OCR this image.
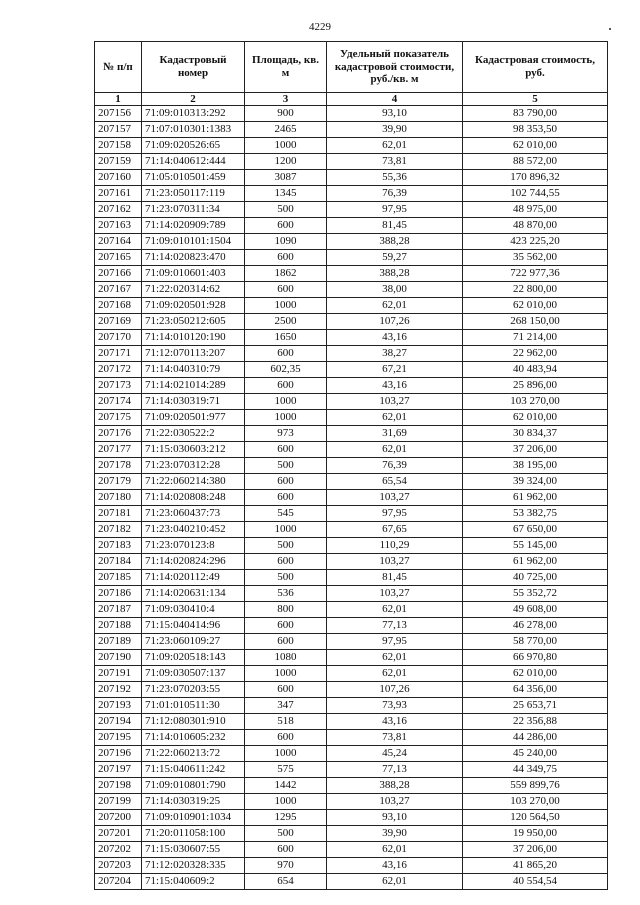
4229
№ п/п	Кадастровый номер	Площадь, кв. м	Удельный показатель кадастровой стоимости, руб./кв. м	Кадастровая стоимость, руб.
1	2	3	4	5
207156	71:09:010313:292	900	93,10	83 790,00
207157	71:07:010301:1383	2465	39,90	98 353,50
207158	71:09:020526:65	1000	62,01	62 010,00
207159	71:14:040612:444	1200	73,81	88 572,00
207160	71:05:010501:459	3087	55,36	170 896,32
207161	71:23:050117:119	1345	76,39	102 744,55
207162	71:23:070311:34	500	97,95	48 975,00
207163	71:14:020909:789	600	81,45	48 870,00
207164	71:09:010101:1504	1090	388,28	423 225,20
207165	71:14:020823:470	600	59,27	35 562,00
207166	71:09:010601:403	1862	388,28	722 977,36
207167	71:22:020314:62	600	38,00	22 800,00
207168	71:09:020501:928	1000	62,01	62 010,00
207169	71:23:050212:605	2500	107,26	268 150,00
207170	71:14:010120:190	1650	43,16	71 214,00
207171	71:12:070113:207	600	38,27	22 962,00
207172	71:14:040310:79	602,35	67,21	40 483,94
207173	71:14:021014:289	600	43,16	25 896,00
207174	71:14:030319:71	1000	103,27	103 270,00
207175	71:09:020501:977	1000	62,01	62 010,00
207176	71:22:030522:2	973	31,69	30 834,37
207177	71:15:030603:212	600	62,01	37 206,00
207178	71:23:070312:28	500	76,39	38 195,00
207179	71:22:060214:380	600	65,54	39 324,00
207180	71:14:020808:248	600	103,27	61 962,00
207181	71:23:060437:73	545	97,95	53 382,75
207182	71:23:040210:452	1000	67,65	67 650,00
207183	71:23:070123:8	500	110,29	55 145,00
207184	71:14:020824:296	600	103,27	61 962,00
207185	71:14:020112:49	500	81,45	40 725,00
207186	71:14:020631:134	536	103,27	55 352,72
207187	71:09:030410:4	800	62,01	49 608,00
207188	71:15:040414:96	600	77,13	46 278,00
207189	71:23:060109:27	600	97,95	58 770,00
207190	71:09:020518:143	1080	62,01	66 970,80
207191	71:09:030507:137	1000	62,01	62 010,00
207192	71:23:070203:55	600	107,26	64 356,00
207193	71:01:010511:30	347	73,93	25 653,71
207194	71:12:080301:910	518	43,16	22 356,88
207195	71:14:010605:232	600	73,81	44 286,00
207196	71:22:060213:72	1000	45,24	45 240,00
207197	71:15:040611:242	575	77,13	44 349,75
207198	71:09:010801:790	1442	388,28	559 899,76
207199	71:14:030319:25	1000	103,27	103 270,00
207200	71:09:010901:1034	1295	93,10	120 564,50
207201	71:20:011058:100	500	39,90	19 950,00
207202	71:15:030607:55	600	62,01	37 206,00
207203	71:12:020328:335	970	43,16	41 865,20
207204	71:15:040609:2	654	62,01	40 554,54
